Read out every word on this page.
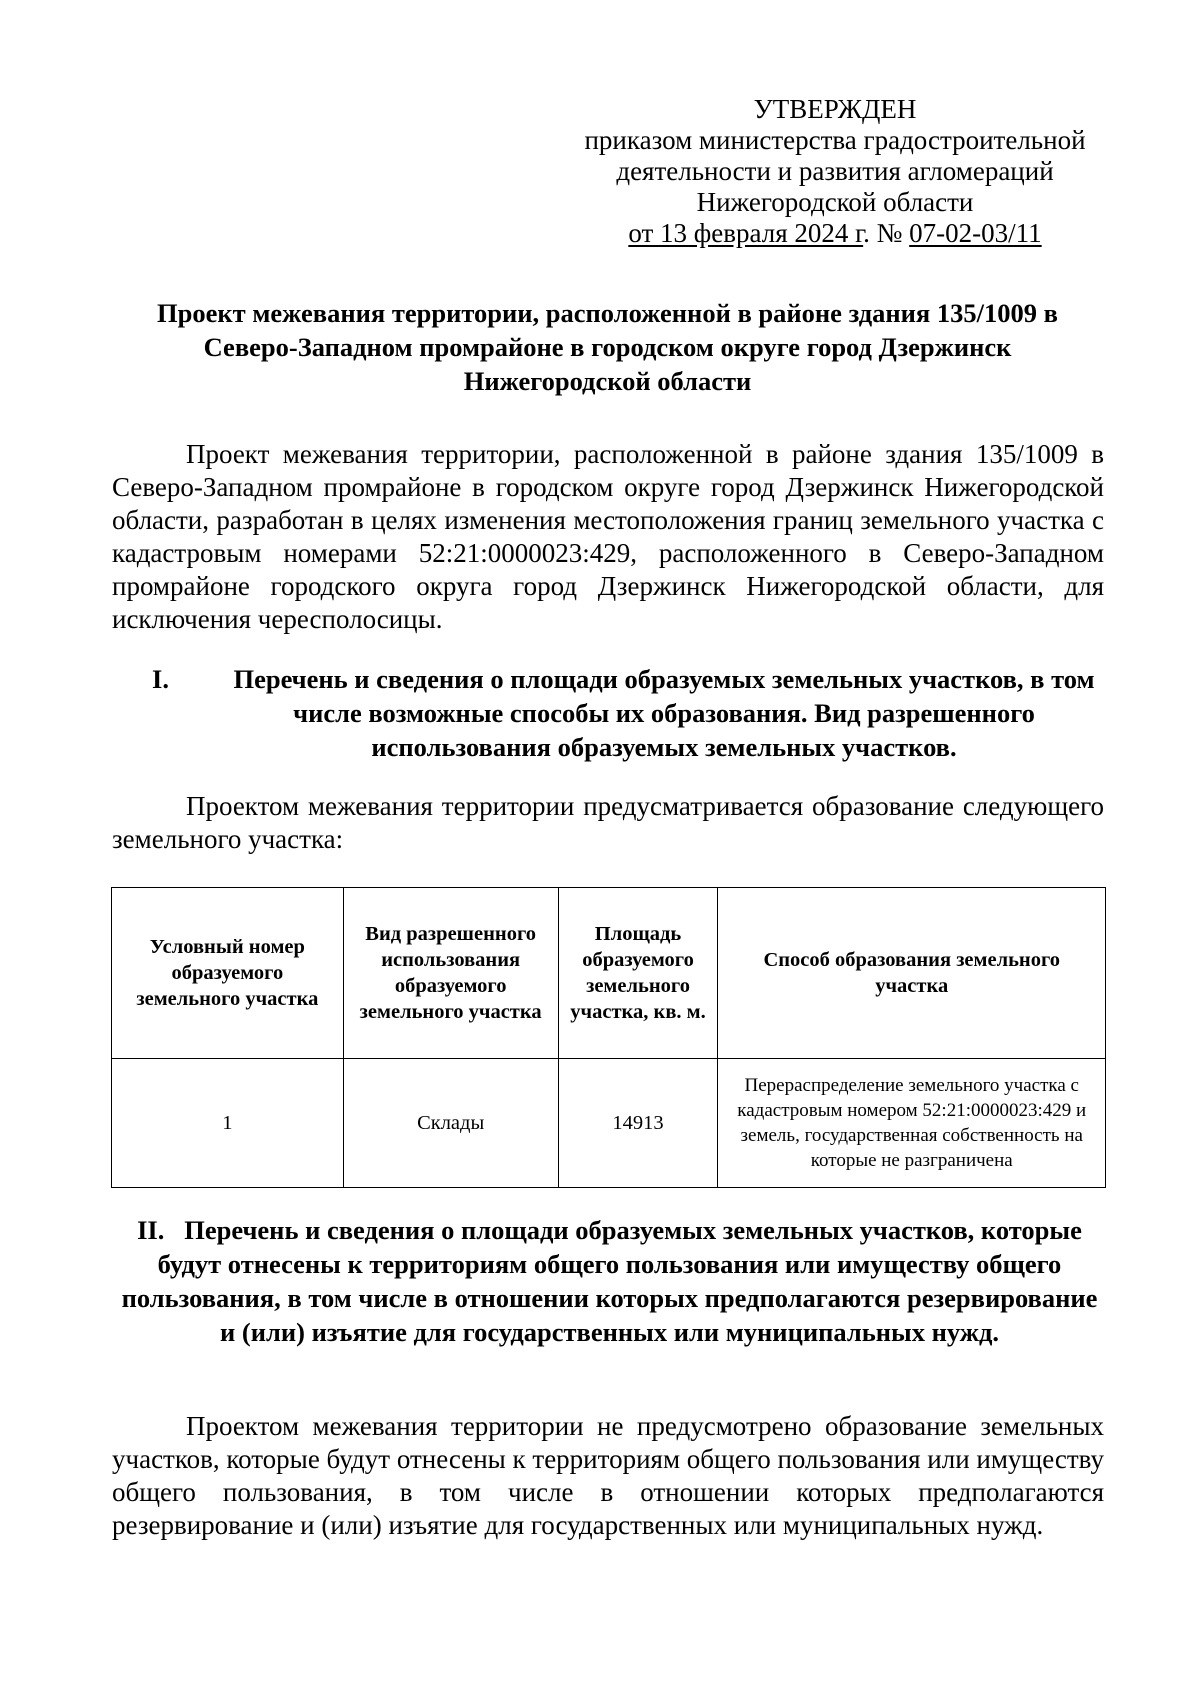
УТВЕРЖДЕН
приказом министерства градостроительной
деятельности и развития агломераций
Нижегородской области
от 13 февраля 2024 г. № 07-02-03/11
Проект межевания территории, расположенной в районе здания 135/1009 в Северо-Западном промрайоне в городском округе город Дзержинск Нижегородской области
Проект межевания территории, расположенной в районе здания 135/1009 в Северо-Западном промрайоне в городском округе город Дзержинск Нижегородской области, разработан в целях изменения местоположения границ земельного участка с кадастровым номерами 52:21:0000023:429, расположенного в Северо-Западном промрайоне городского округа город Дзержинск Нижегородской области, для исключения чересполосицы.
I.	Перечень и сведения о площади образуемых земельных участков, в том числе возможные способы их образования. Вид разрешенного использования образуемых земельных участков.
Проектом межевания территории предусматривается образование следующего земельного участка:
Условный номер образуемого земельного участка	Вид разрешенного использования образуемого земельного участка	Площадь образуемого земельного участка, кв. м.	Способ образования земельного участка
1	Склады	14913	Перераспределение земельного участка с кадастровым номером 52:21:0000023:429 и земель, государственная собственность на которые не разграничена
II. Перечень и сведения о площади образуемых земельных участков, которые будут отнесены к территориям общего пользования или имуществу общего пользования, в том числе в отношении которых предполагаются резервирование и (или) изъятие для государственных или муниципальных нужд.
Проектом межевания территории не предусмотрено образование земельных участков, которые будут отнесены к территориям общего пользования или имуществу общего пользования, в том числе в отношении которых предполагаются резервирование и (или) изъятие для государственных или муниципальных нужд.
